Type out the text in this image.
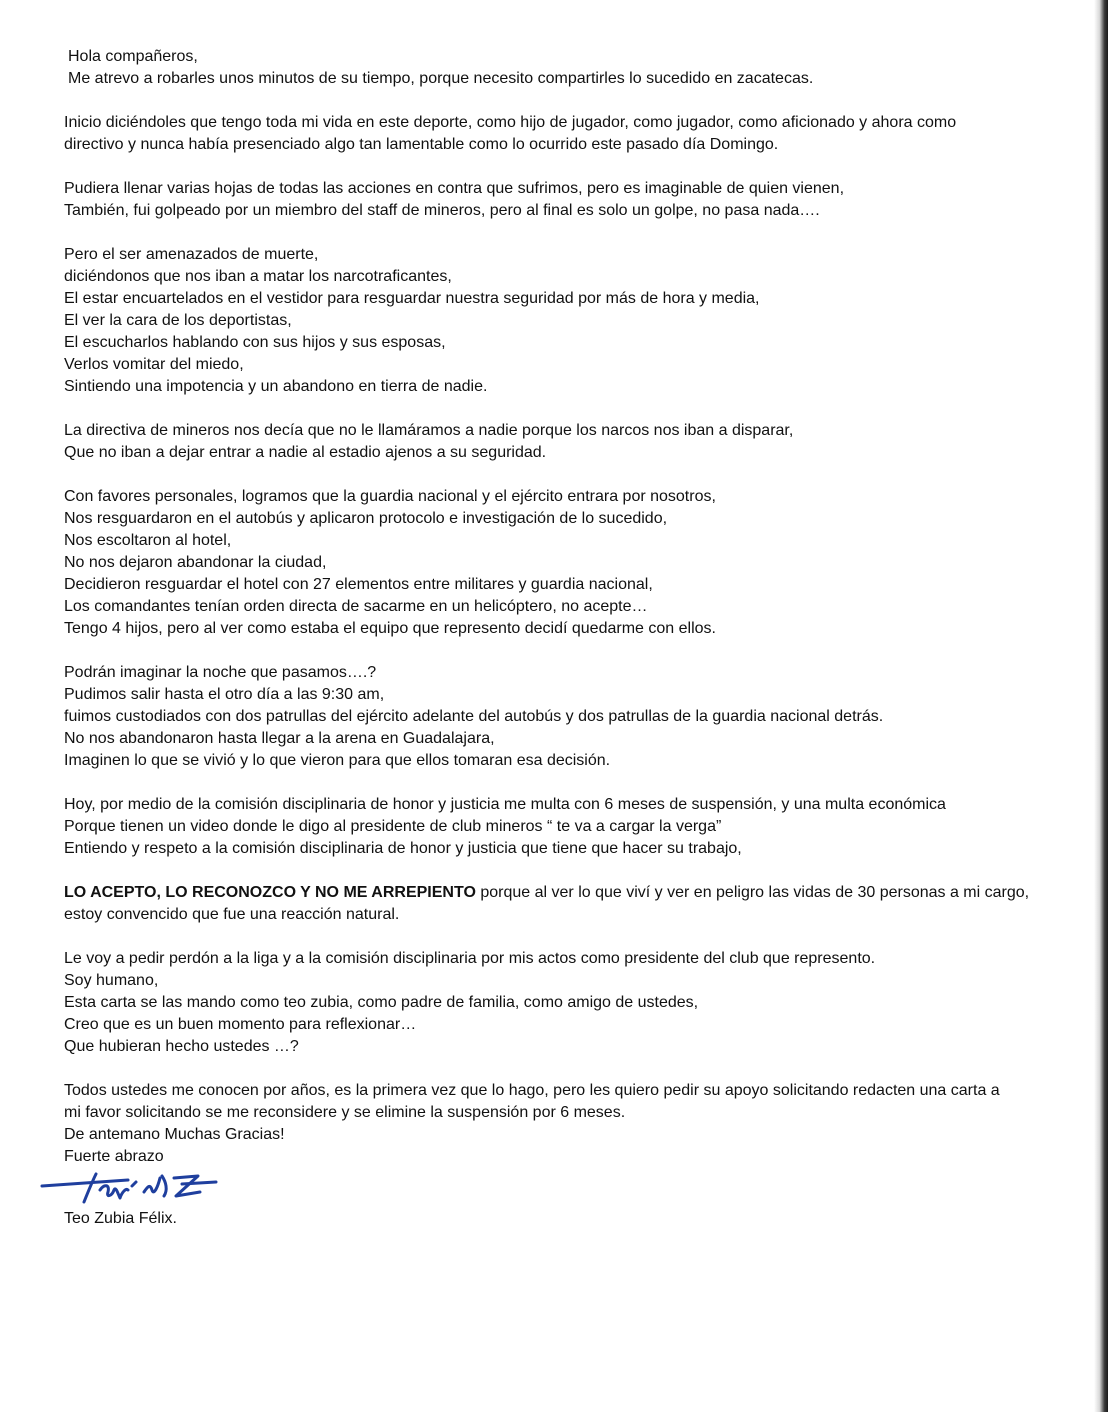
Hola compañeros,
Me atrevo a robarles unos minutos de su tiempo, porque necesito compartirles lo sucedido en zacatecas.
Inicio diciéndoles que tengo toda mi vida en este deporte, como hijo de jugador, como jugador, como aficionado y ahora como
directivo y nunca había presenciado algo tan lamentable como lo ocurrido este pasado día Domingo.
Pudiera llenar varias hojas de todas las acciones en contra que sufrimos, pero es imaginable de quien vienen,
También, fui golpeado por un miembro del staff de mineros, pero al final es solo un golpe, no pasa nada….
Pero el ser amenazados de muerte,
diciéndonos que nos iban a matar los narcotraficantes,
El estar encuartelados en el vestidor para resguardar nuestra seguridad por más de hora y media,
El ver la cara de los deportistas,
El escucharlos hablando con sus hijos y sus esposas,
Verlos vomitar del miedo,
Sintiendo una impotencia y un abandono en tierra de nadie.
La directiva de mineros nos decía que no le llamáramos a nadie porque los narcos nos iban a disparar,
Que no iban a dejar entrar a nadie al estadio ajenos a su seguridad.
Con favores personales, logramos que la guardia nacional y el ejército entrara por nosotros,
Nos resguardaron en el autobús y aplicaron protocolo e investigación de lo sucedido,
Nos escoltaron al hotel,
No nos dejaron abandonar la ciudad,
Decidieron resguardar el hotel con 27 elementos entre militares y guardia nacional,
Los comandantes tenían orden directa de sacarme en un helicóptero, no acepte…
Tengo 4 hijos, pero al ver como estaba el equipo que represento decidí quedarme con ellos.
Podrán imaginar la noche que pasamos….?
Pudimos salir hasta el otro día a las 9:30 am,
fuimos custodiados con dos patrullas del ejército adelante del autobús y dos patrullas de la guardia nacional detrás.
No nos abandonaron hasta llegar a la arena en Guadalajara,
Imaginen lo que se vivió y lo que vieron para que ellos tomaran esa decisión.
Hoy, por medio de la comisión disciplinaria de honor y justicia me multa con 6 meses de suspensión, y una multa económica
Porque tienen un video donde le digo al presidente de club mineros “ te va a cargar la verga”
Entiendo y respeto a la comisión disciplinaria de honor y justicia que tiene que hacer su trabajo,
LO ACEPTO, LO RECONOZCO Y NO ME ARREPIENTO porque al ver lo que viví y ver en peligro las vidas de 30 personas a mi cargo,
estoy convencido que fue una reacción natural.
Le voy a pedir perdón a la liga y a la comisión disciplinaria por mis actos como presidente del club que represento.
Soy humano,
Esta carta se las mando como teo zubia, como padre de familia, como amigo de ustedes,
Creo que es un buen momento para reflexionar…
Que hubieran hecho ustedes …?
Todos ustedes me conocen por años, es la primera vez que lo hago, pero les quiero pedir su apoyo solicitando redacten una carta a
mi favor solicitando se me reconsidere y se elimine la suspensión por 6 meses.
De antemano Muchas Gracias!
Fuerte abrazo
Teo Zubia Félix.
